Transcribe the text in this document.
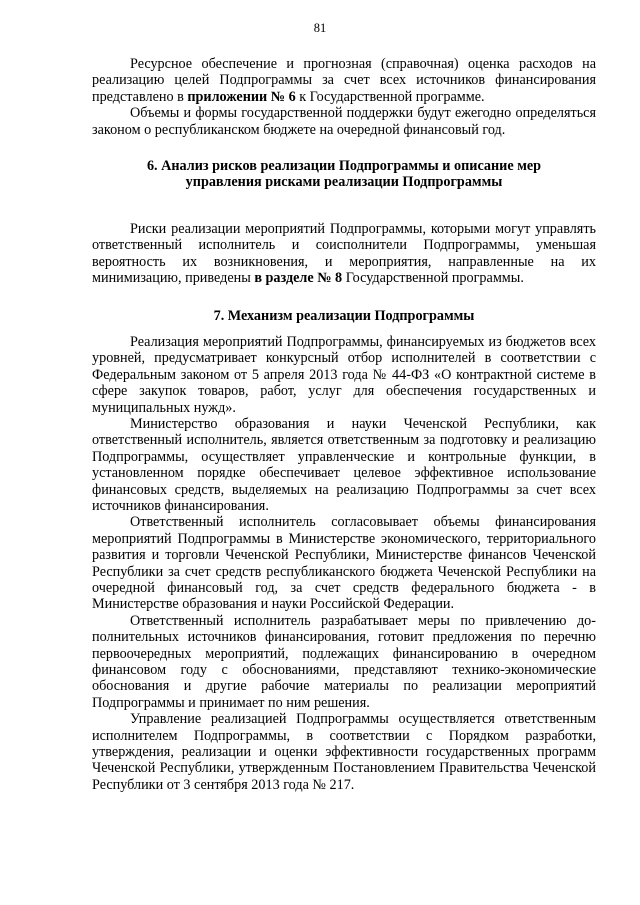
81

Ресурсное обеспечение и прогнозная (справочная) оценка расходов на реализацию целей Подпрограммы за счет всех источников финансирования представлено в приложении № 6 к Государственной программе.

Объемы и формы государственной поддержки будут ежегодно определяться законом о республиканском бюджете на очередной финансовый год.

6. Анализ рисков реализации Подпрограммы и описание мер
управления рисками реализации Подпрограммы

Риски реализации мероприятий Подпрограммы, которыми могут управлять ответственный исполнитель и соисполнители Подпрограммы, уменьшая вероятность их возникновения, и мероприятия, направленные на их минимизацию, приведены в разделе № 8 Государственной программы.

7. Механизм реализации Подпрограммы

Реализация мероприятий Подпрограммы, финансируемых из бюджетов всех уровней, предусматривает конкурсный отбор исполнителей в соответствии с Федеральным законом от 5 апреля 2013 года № 44-ФЗ «О контрактной системе в сфере закупок товаров, работ, услуг для обеспечения государственных и муниципальных нужд».

Министерство образования и науки Чеченской Республики, как ответственный исполнитель, является ответственным за подготовку и реализацию Подпрограммы, осуществляет управленческие и контрольные функции, в установленном порядке обеспечивает целевое эффективное использование финансовых средств, выделяемых на реализацию Подпрограммы за счет всех источников финансирования.

Ответственный исполнитель согласовывает объемы финансирования мероприятий Подпрограммы в Министерстве экономического, территориального развития и торговли Чеченской Республики, Министерстве финансов Чеченской Республики за счет средств республиканского бюджета Чеченской Республики на очередной финансовый год, за счет средств федерального бюджета - в Министерстве образования и науки Российской Федерации.

Ответственный исполнитель разрабатывает меры по привлечению дополнительных источников финансирования, готовит предложения по перечню первоочередных мероприятий, подлежащих финансированию в очередном финансовом году с обоснованиями, представляют технико-экономические обоснования и другие рабочие материалы по реализации мероприятий Подпрограммы и принимает по ним решения.

Управление реализацией Подпрограммы осуществляется ответственным исполнителем Подпрограммы, в соответствии с Порядком разработки, утверждения, реализации и оценки эффективности государственных программ Чеченской Республики, утвержденным Постановлением Правительства Чеченской Республики от 3 сентября 2013 года № 217.
